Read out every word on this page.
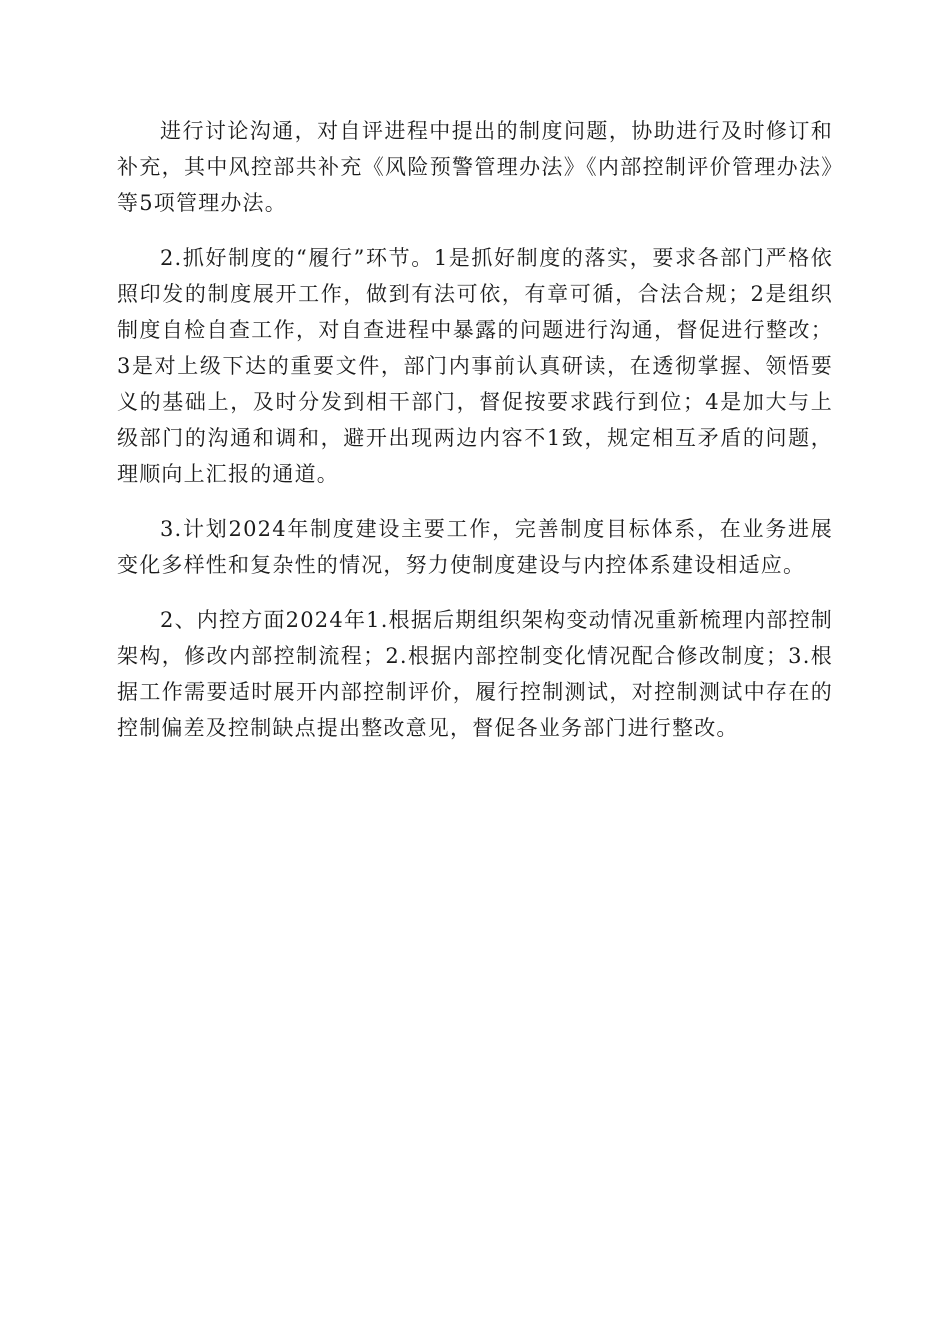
进行讨论沟通，对自评进程中提出的制度问题，协助进行及时修订和补充，其中风控部共补充《风险预警管理办法》《内部控制评价管理办法》等5项管理办法。

2.抓好制度的“履行”环节。1是抓好制度的落实，要求各部门严格依照印发的制度展开工作，做到有法可依，有章可循，合法合规；2是组织制度自检自查工作，对自查进程中暴露的问题进行沟通，督促进行整改；3是对上级下达的重要文件，部门内事前认真研读，在透彻掌握、领悟要义的基础上，及时分发到相干部门，督促按要求践行到位；4是加大与上级部门的沟通和调和，避开出现两边内容不1致，规定相互矛盾的问题，理顺向上汇报的通道。

3.计划2024年制度建设主要工作，完善制度目标体系，在业务进展变化多样性和复杂性的情况，努力使制度建设与内控体系建设相适应。

2、内控方面2024年1.根据后期组织架构变动情况重新梳理内部控制架构，修改内部控制流程；2.根据内部控制变化情况配合修改制度；3.根据工作需要适时展开内部控制评价，履行控制测试，对控制测试中存在的控制偏差及控制缺点提出整改意见，督促各业务部门进行整改。
